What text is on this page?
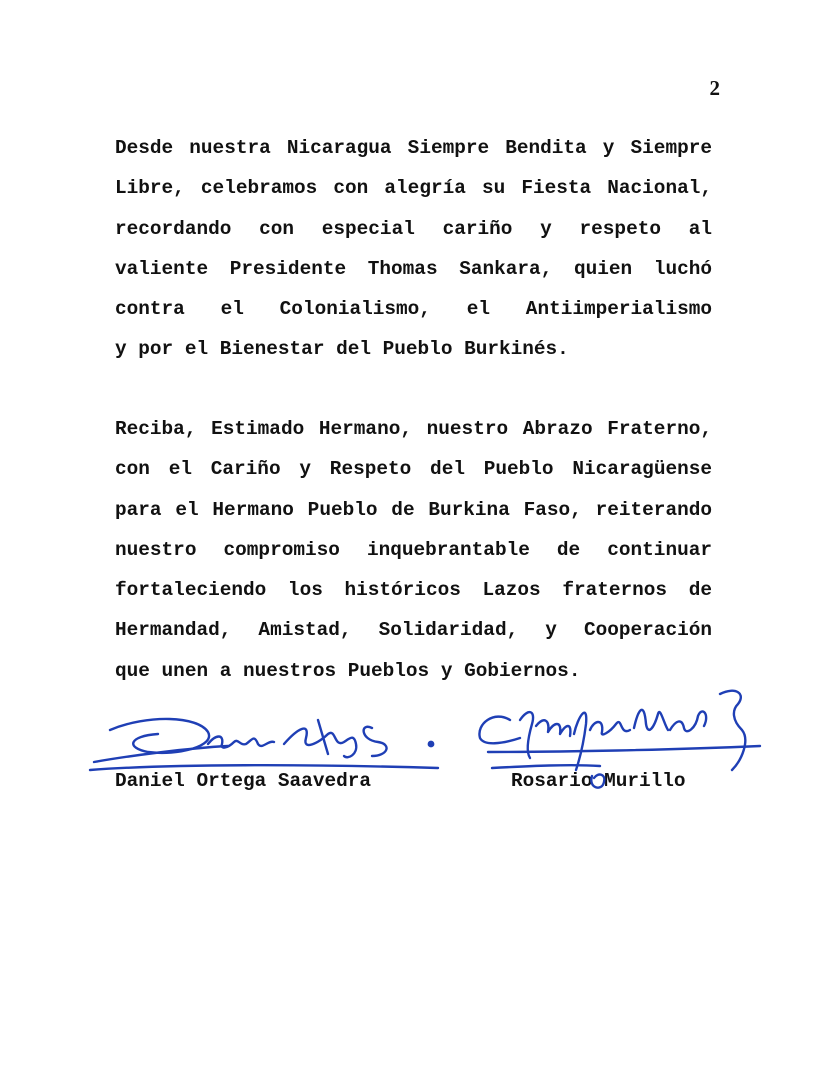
2
Desde nuestra Nicaragua Siempre Bendita y Siempre
Libre, celebramos con alegría su Fiesta Nacional,
recordando con especial cariño y respeto al
valiente Presidente Thomas Sankara, quien luchó
contra el Colonialismo, el Antiimperialismo
y por el Bienestar del Pueblo Burkinés.
Reciba, Estimado Hermano, nuestro Abrazo Fraterno,
con el Cariño y Respeto del Pueblo Nicaragüense
para el Hermano Pueblo de Burkina Faso, reiterando
nuestro compromiso inquebrantable de continuar
fortaleciendo los históricos Lazos fraternos de
Hermandad, Amistad, Solidaridad, y Cooperación
que unen a nuestros Pueblos y Gobiernos.
Daniel Ortega Saavedra	Rosario Murillo
